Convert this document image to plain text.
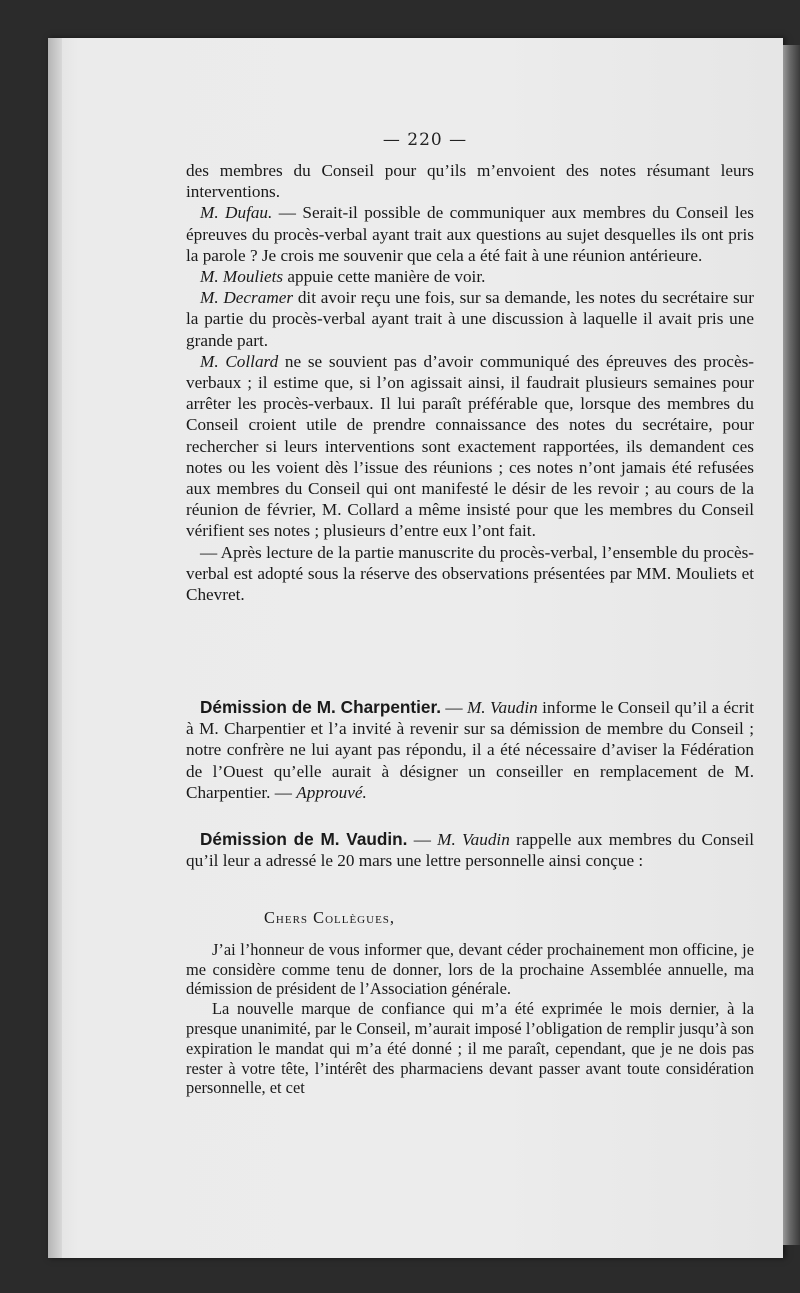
— 220 —

des membres du Conseil pour qu’ils m’envoient des notes résumant leurs interventions.

M. Dufau. — Serait-il possible de communiquer aux membres du Conseil les épreuves du procès-verbal ayant trait aux questions au sujet desquelles ils ont pris la parole ? Je crois me souvenir que cela a été fait à une réunion antérieure.

M. Mouliets appuie cette manière de voir.

M. Decramer dit avoir reçu une fois, sur sa demande, les notes du secrétaire sur la partie du procès-verbal ayant trait à une discussion à laquelle il avait pris une grande part.

M. Collard ne se souvient pas d’avoir communiqué des épreuves des procès-verbaux ; il estime que, si l’on agissait ainsi, il faudrait plusieurs semaines pour arrêter les procès-verbaux. Il lui paraît préférable que, lorsque des membres du Conseil croient utile de prendre connaissance des notes du secrétaire, pour rechercher si leurs interventions sont exactement rapportées, ils demandent ces notes ou les voient dès l’issue des réunions ; ces notes n’ont jamais été refusées aux membres du Conseil qui ont manifesté le désir de les revoir ; au cours de la réunion de février, M. Collard a même insisté pour que les membres du Conseil vérifient ses notes ; plusieurs d’entre eux l’ont fait.

— Après lecture de la partie manuscrite du procès-verbal, l’ensemble du procès-verbal est adopté sous la réserve des observations présentées par MM. Mouliets et Chevret.

Démission de M. Charpentier. — M. Vaudin informe le Conseil qu’il a écrit à M. Charpentier et l’a invité à revenir sur sa démission de membre du Conseil ; notre confrère ne lui ayant pas répondu, il a été nécessaire d’aviser la Fédération de l’Ouest qu’elle aurait à désigner un conseiller en remplacement de M. Charpentier. — Approuvé.

Démission de M. Vaudin. — M. Vaudin rappelle aux membres du Conseil qu’il leur a adressé le 20 mars une lettre personnelle ainsi conçue :

Chers Collègues,

J’ai l’honneur de vous informer que, devant céder prochainement mon officine, je me considère comme tenu de donner, lors de la prochaine Assemblée annuelle, ma démission de président de l’Association générale.

La nouvelle marque de confiance qui m’a été exprimée le mois dernier, à la presque unanimité, par le Conseil, m’aurait imposé l’obligation de remplir jusqu’à son expiration le mandat qui m’a été donné ; il me paraît, cependant, que je ne dois pas rester à votre tête, l’intérêt des pharmaciens devant passer avant toute considération personnelle, et cet
